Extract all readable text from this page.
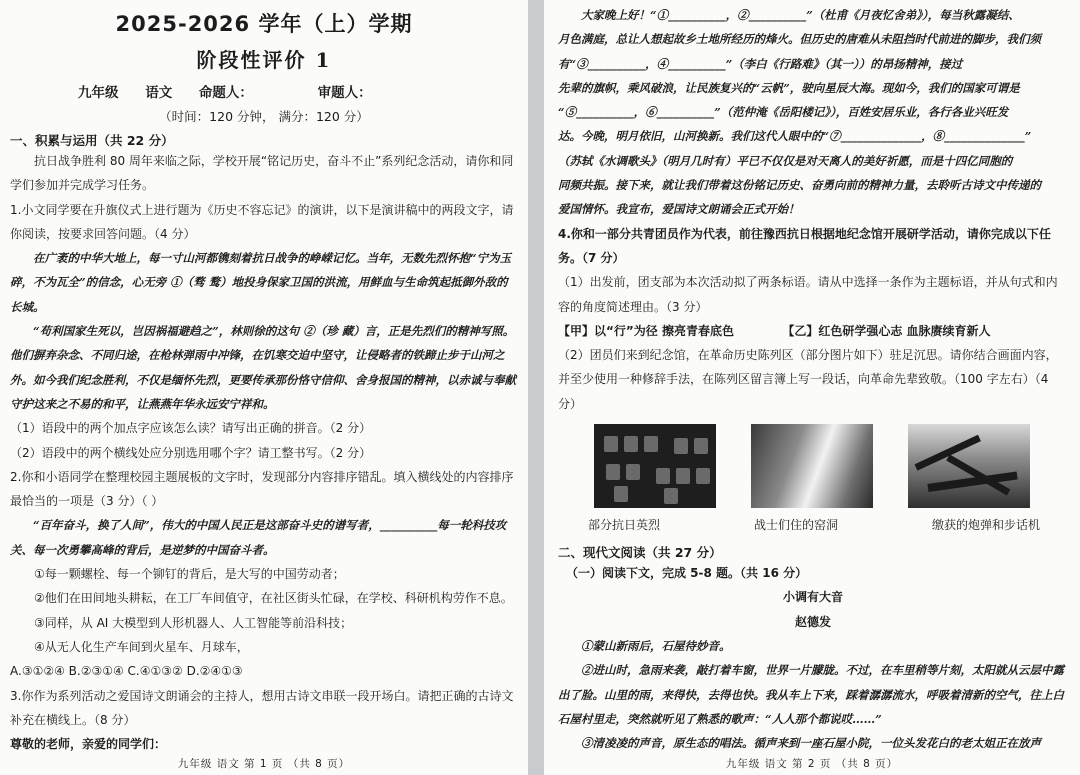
2025-2026 学年（上）学期
阶段性评价 1
九年级 语文 命题人：	审题人：
（时间：120 分钟， 满分：120 分）
一、积累与运用（共 22 分）

抗日战争胜利 80 周年来临之际，学校开展“铭记历史，奋斗不止”系列纪念活动，请你和同学们参加并完成学习任务。

1.小文同学要在升旗仪式上进行题为《历史不容忘记》的演讲，以下是演讲稿中的两段文字，请你阅读，按要求回答问题。（4 分）

在广袤的中华大地上，每一寸山河都镌刻着抗日战争的峥嵘记忆。当年，无数先烈怀抱“宁为玉碎，不为瓦全”的信念，心无旁 ①（骛 鹜）地投身保家卫国的洪流，用鲜血与生命筑起抵御外敌的长城。

“苟利国家生死以，岂因祸福避趋之”，林则徐的这句 ②（珍 藏）言，正是先烈们的精神写照。他们摒弃杂念、不同归途，在枪林弹雨中冲锋，在饥寒交迫中坚守，让侵略者的铁蹄止步于山河之外。如今我们纪念胜利，不仅是缅怀先烈，更要传承那份恪守信仰、舍身报国的精神，以赤诚与奉献守护这来之不易的和平，让燕燕年华永远安宁祥和。

（1）语段中的两个加点字应该怎么读？请写出正确的拼音。（2 分）

（2）语段中的两个横线处应分别选用哪个字？请工整书写。（2 分）

2.你和小语同学在整理校园主题展板的文字时，发现部分内容排序错乱。填入横线处的内容排序最恰当的一项是（3 分）（ ）

“百年奋斗，换了人间”，伟大的中国人民正是这部奋斗史的谱写者，__________每一轮科技攻关、每一次勇攀高峰的背后，是逆梦的中国奋斗者。

①每一颗螺栓、每一个铆钉的背后，是大写的中国劳动者；

②他们在田间地头耕耘，在工厂车间值守，在社区街头忙碌，在学校、科研机构劳作不息。

③同样，从 AI 大模型到人形机器人、人工智能等前沿科技；

④从无人化生产车间到火星车、月球车，

A.③①②④ B.②③①④ C.④①③② D.②④①③

3.你作为系列活动之爱国诗文朗诵会的主持人，想用古诗文串联一段开场白。请把正确的古诗文补充在横线上。（8 分）

尊敬的老师，亲爱的同学们：

九年级 语文 第 1 页 （共 8 页）

大家晚上好！“①__________，②__________”（杜甫《月夜忆舍弟》），每当秋露凝结、

月色满庭，总让人想起故乡土地所经历的烽火。但历史的唐难从未阻挡时代前进的脚步，我们须

有“③__________，④__________”（李白《行路难》（其一））的昂扬精神，接过

先辈的旗帜，乘风破浪，让民族复兴的“云帆”，驶向星辰大海。现如今，我们的国家可谓是

“⑤__________，⑥__________”（范仲淹《岳阳楼记》），百姓安居乐业，各行各业兴旺发

达。今晚，明月依旧，山河换新。我们这代人眼中的“⑦______________，⑧______________”

（苏轼《水调歌头》（明月几时有）平已不仅仅是对天离人的美好祈愿，而是十四亿同胞的

同频共振。接下来，就让我们带着这份铭记历史、奋勇向前的精神力量，去聆听古诗文中传递的

爱国情怀。我宣布，爱国诗文朗诵会正式开始！

4.你和一部分共青团员作为代表，前往豫西抗日根据地纪念馆开展研学活动，请你完成以下任务。（7 分）

（1）出发前，团支部为本次活动拟了两条标语。请从中选择一条作为主题标语，并从句式和内容的角度简述理由。（3 分）

【甲】以“行”为径 擦亮青春底色	【乙】红色研学强心志 血脉赓续育新人

（2）团员们来到纪念馆，在革命历史陈列区（部分图片如下）驻足沉思。请你结合画面内容，并至少使用一种修辞手法，在陈列区留言簿上写一段话，向革命先辈致敬。（100 字左右）（4 分）

部分抗日英烈	战士们住的窑洞	缴获的炮弹和步话机
二、现代文阅读（共 27 分）

（一）阅读下文，完成 5-8 题。（共 16 分）

小调有大音

赵德发

①蒙山新雨后，石屋待妙音。

②进山时，急雨来袭，敲打着车窗，世界一片朦胧。不过，在车里稍等片刻，太阳就从云层中露出了脸。山里的雨，来得快，去得也快。我从车上下来，踩着潺潺流水，呼吸着清新的空气，往上白石屋村里走，突然就听见了熟悉的歌声：“人人那个都说哎……”

③清凌凌的声音，原生态的唱法。循声来到一座石屋小院，一位头发花白的老太姐正在放声

九年级 语文 第 2 页 （共 8 页）
